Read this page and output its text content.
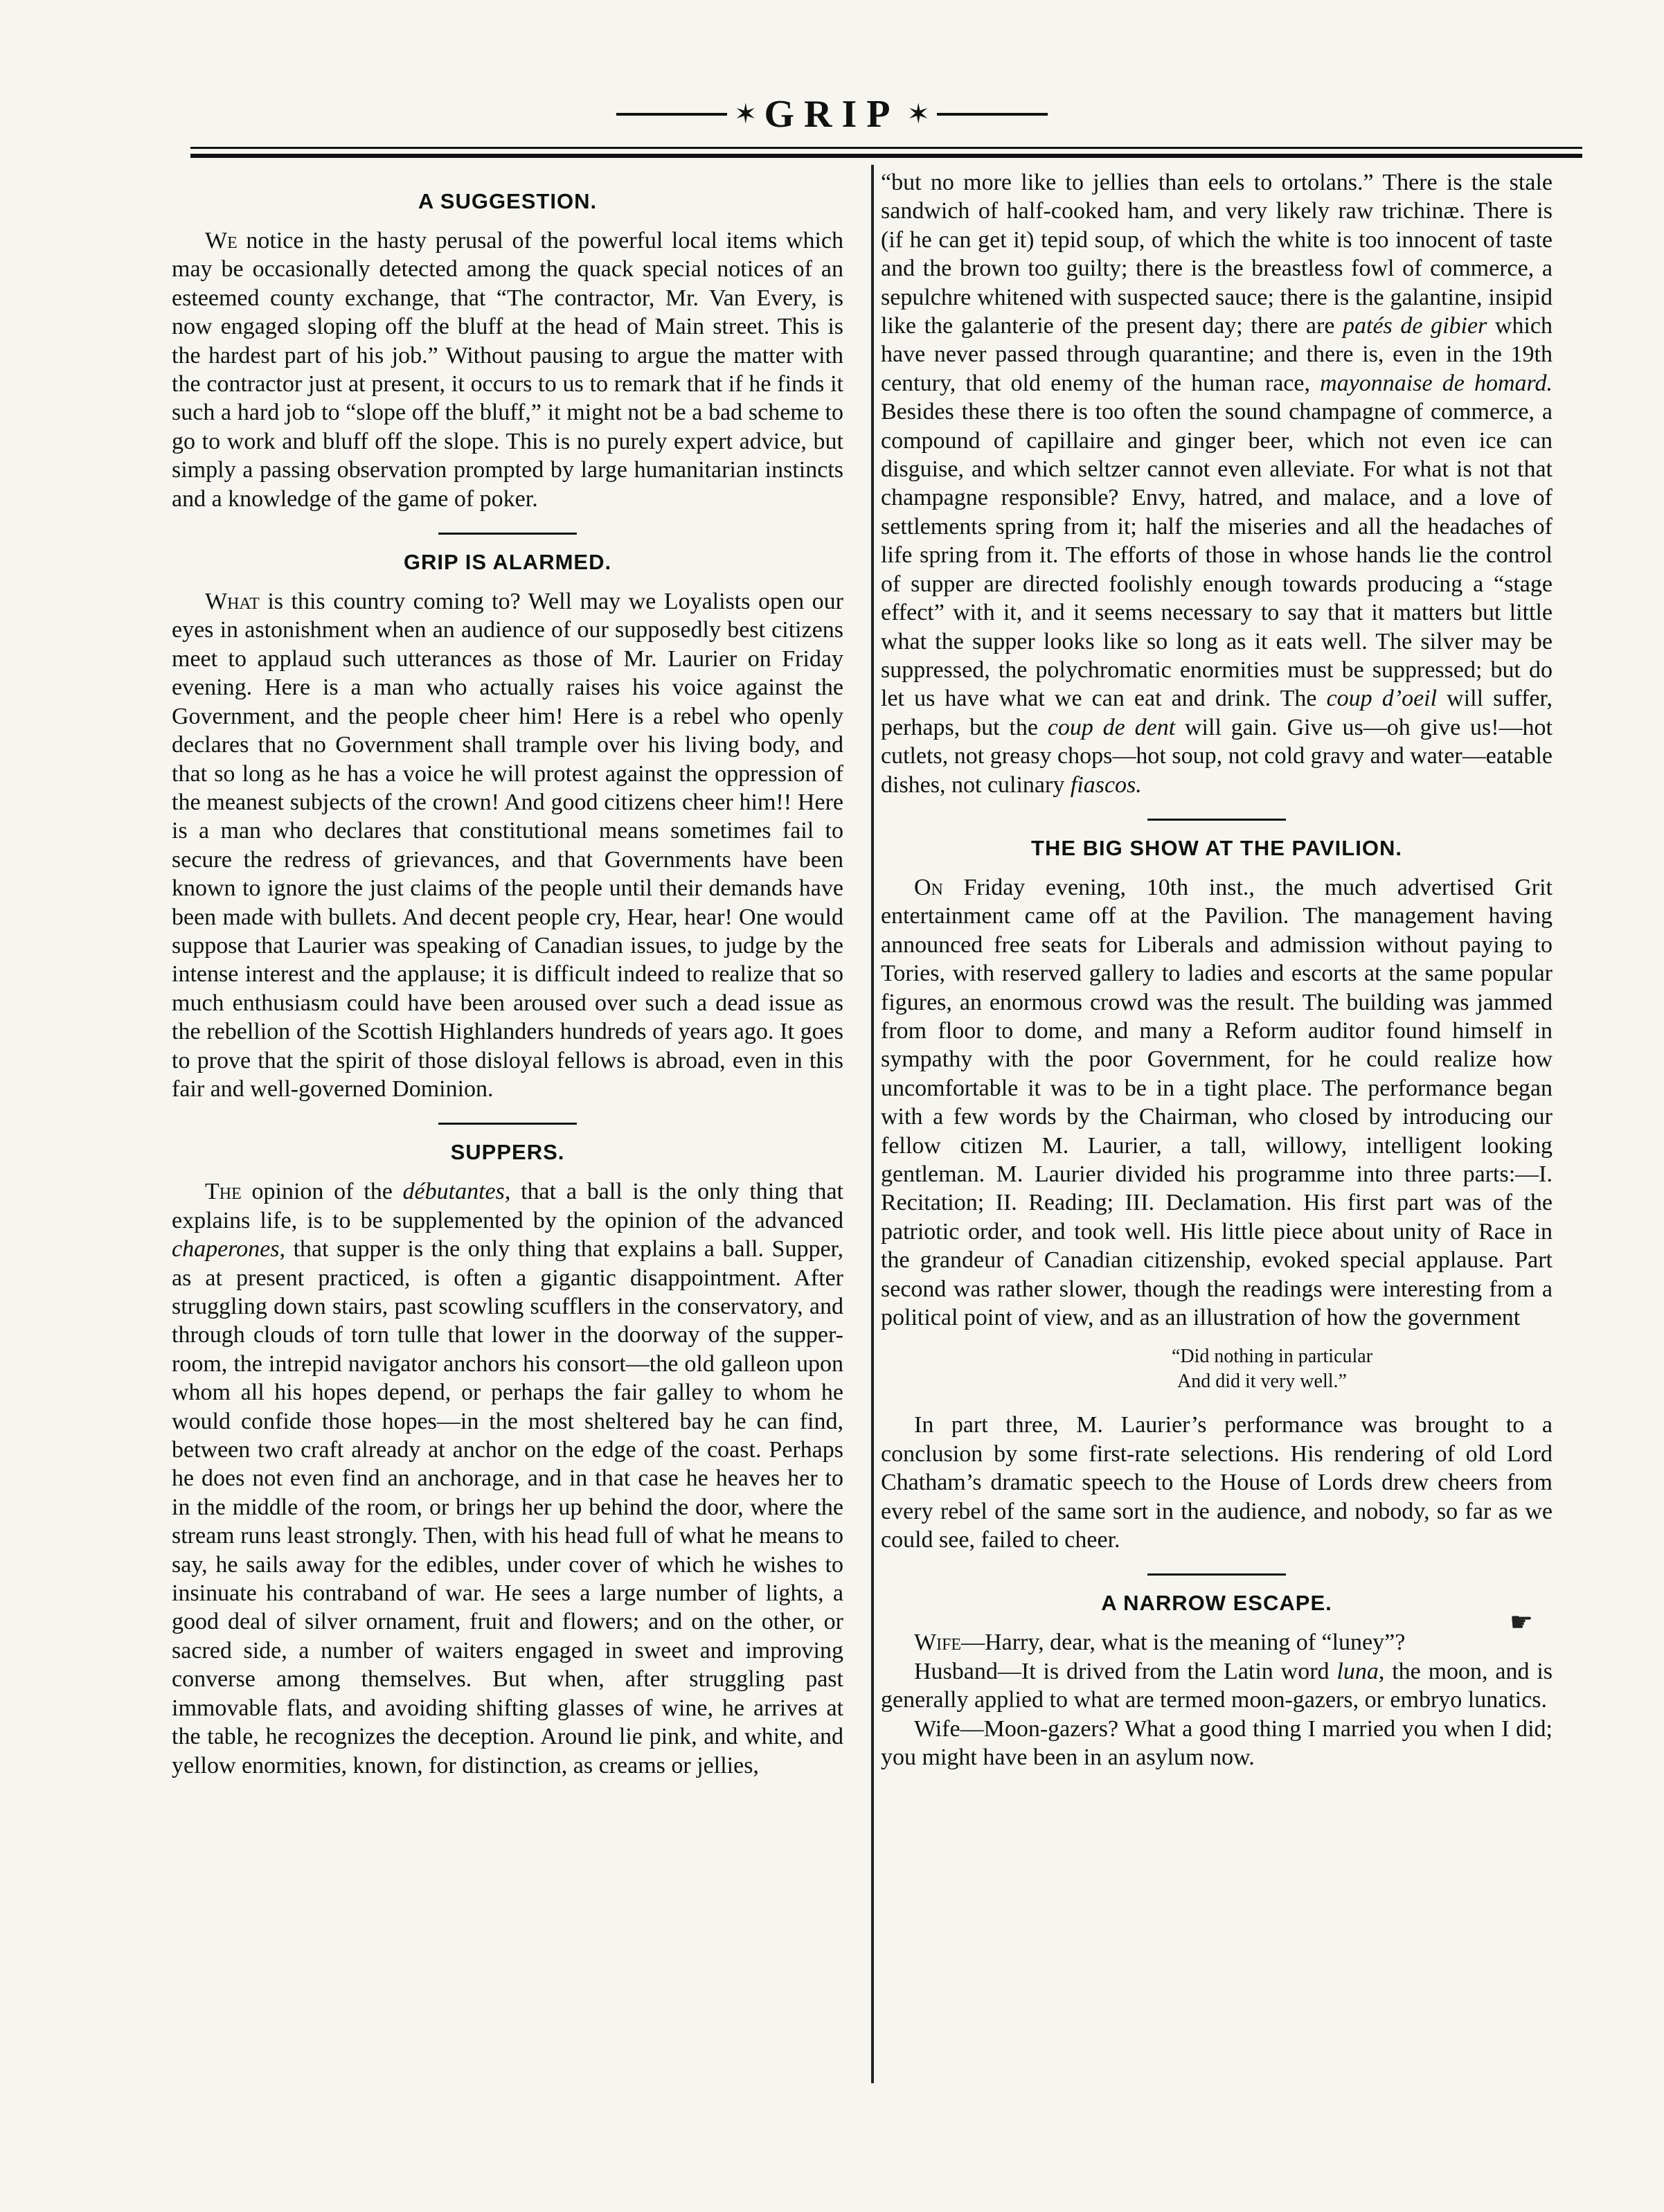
✶ GRIP ✶
A SUGGESTION.

We notice in the hasty perusal of the powerful local items which may be occasionally detected among the quack special notices of an esteemed county exchange, that “The contractor, Mr. Van Every, is now engaged sloping off the bluff at the head of Main street. This is the hardest part of his job.” Without pausing to argue the matter with the contractor just at present, it occurs to us to remark that if he finds it such a hard job to “slope off the bluff,” it might not be a bad scheme to go to work and bluff off the slope. This is no purely expert advice, but simply a passing observation prompted by large humanitarian instincts and a knowledge of the game of poker.

GRIP IS ALARMED.

What is this country coming to? Well may we Loyalists open our eyes in astonishment when an audience of our supposedly best citizens meet to applaud such utterances as those of Mr. Laurier on Friday evening. Here is a man who actually raises his voice against the Government, and the people cheer him! Here is a rebel who openly declares that no Government shall trample over his living body, and that so long as he has a voice he will protest against the oppression of the meanest subjects of the crown! And good citizens cheer him!! Here is a man who declares that constitutional means sometimes fail to secure the redress of grievances, and that Governments have been known to ignore the just claims of the people until their demands have been made with bullets. And decent people cry, Hear, hear! One would suppose that Laurier was speaking of Canadian issues, to judge by the intense interest and the applause; it is difficult indeed to realize that so much enthusiasm could have been aroused over such a dead issue as the rebellion of the Scottish Highlanders hundreds of years ago. It goes to prove that the spirit of those disloyal fellows is abroad, even in this fair and well-governed Dominion.

SUPPERS.

The opinion of the débutantes, that a ball is the only thing that explains life, is to be supplemented by the opinion of the advanced chaperones, that supper is the only thing that explains a ball. Supper, as at present practiced, is often a gigantic disappointment. After struggling down stairs, past scowling scufflers in the conservatory, and through clouds of torn tulle that lower in the doorway of the supper-room, the intrepid navigator anchors his consort—the old galleon upon whom all his hopes depend, or perhaps the fair galley to whom he would confide those hopes—in the most sheltered bay he can find, between two craft already at anchor on the edge of the coast. Perhaps he does not even find an anchorage, and in that case he heaves her to in the middle of the room, or brings her up behind the door, where the stream runs least strongly. Then, with his head full of what he means to say, he sails away for the edibles, under cover of which he wishes to insinuate his contraband of war. He sees a large number of lights, a good deal of silver ornament, fruit and flowers; and on the other, or sacred side, a number of waiters engaged in sweet and improving converse among themselves. But when, after struggling past immovable flats, and avoiding shifting glasses of wine, he arrives at the table, he recognizes the deception. Around lie pink, and white, and yellow enormities, known, for distinction, as creams or jellies,

“but no more like to jellies than eels to ortolans.” There is the stale sandwich of half-cooked ham, and very likely raw trichinæ. There is (if he can get it) tepid soup, of which the white is too innocent of taste and the brown too guilty; there is the breastless fowl of commerce, a sepulchre whitened with suspected sauce; there is the galantine, insipid like the galanterie of the present day; there are patés de gibier which have never passed through quarantine; and there is, even in the 19th century, that old enemy of the human race, mayonnaise de homard. Besides these there is too often the sound champagne of commerce, a compound of capillaire and ginger beer, which not even ice can disguise, and which seltzer cannot even alleviate. For what is not that champagne responsible? Envy, hatred, and malace, and a love of settlements spring from it; half the miseries and all the headaches of life spring from it. The efforts of those in whose hands lie the control of supper are directed foolishly enough towards producing a “stage effect” with it, and it seems necessary to say that it matters but little what the supper looks like so long as it eats well. The silver may be suppressed, the polychromatic enormities must be suppressed; but do let us have what we can eat and drink. The coup d’oeil will suffer, perhaps, but the coup de dent will gain. Give us—oh give us!—hot cutlets, not greasy chops—hot soup, not cold gravy and water—eatable dishes, not culinary fiascos.

THE BIG SHOW AT THE PAVILION.

On Friday evening, 10th inst., the much advertised Grit entertainment came off at the Pavilion. The management having announced free seats for Liberals and admission without paying to Tories, with reserved gallery to ladies and escorts at the same popular figures, an enormous crowd was the result. The building was jammed from floor to dome, and many a Reform auditor found himself in sympathy with the poor Government, for he could realize how uncomfortable it was to be in a tight place. The performance began with a few words by the Chairman, who closed by introducing our fellow citizen M. Laurier, a tall, willowy, intelligent looking gentleman. M. Laurier divided his programme into three parts:—I. Recitation; II. Reading; III. Declamation. His first part was of the patriotic order, and took well. His little piece about unity of Race in the grandeur of Canadian citizenship, evoked special applause. Part second was rather slower, though the readings were interesting from a political point of view, and as an illustration of how the government

“Did nothing in particular
And did it very well.”

In part three, M. Laurier’s performance was brought to a conclusion by some first-rate selections. His rendering of old Lord Chatham’s dramatic speech to the House of Lords drew cheers from every rebel of the same sort in the audience, and nobody, so far as we could see, failed to cheer.

A NARROW ESCAPE.

Wife—Harry, dear, what is the meaning of “luney”?

Husband—It is drived from the Latin word luna, the moon, and is generally applied to what are termed moon-gazers, or embryo lunatics.

Wife—Moon-gazers? What a good thing I married you when I did; you might have been in an asylum now.

☛
